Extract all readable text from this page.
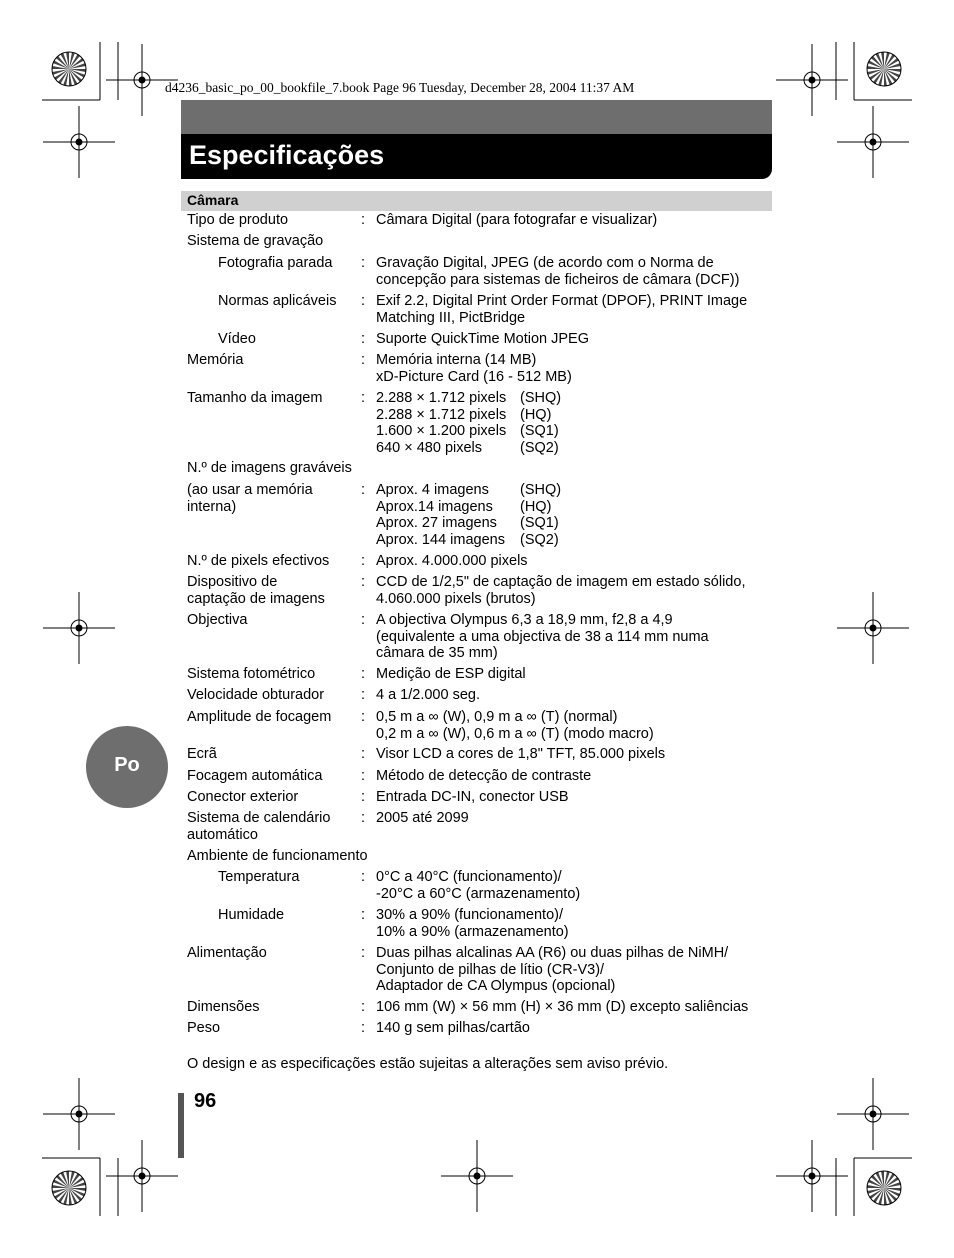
d4236_basic_po_00_bookfile_7.book Page 96 Tuesday, December 28, 2004 11:37 AM
Especificações
Câmara
Tipo de produto	: Câmara Digital (para fotografar e visualizar)
Sistema de gravação
Fotografia parada : Gravação Digital, JPEG (de acordo com o Norma de
concepção para sistemas de ficheiros de câmara (DCF))
Normas aplicáveis : Exif 2.2, Digital Print Order Format (DPOF), PRINT Image
Matching III, PictBridge
Vídeo	: Suporte QuickTime Motion JPEG
Memória	: Memória interna (14 MB)
xD-Picture Card (16 - 512 MB)
Tamanho da imagem	: 2.288 × 1.712 pixels (SHQ)
2.288 × 1.712 pixels (HQ)
1.600 × 1.200 pixels (SQ1)
640 × 480 pixels	(SQ2)
N.º de imagens graváveis
(ao usar a memória
interna)
: Aprox. 4 imagens (SHQ)
Aprox.14 imagens (HQ)
Aprox. 27 imagens (SQ1)
Aprox. 144 imagens (SQ2)
N.º de pixels efectivos : Aprox. 4.000.000 pixels
Dispositivo de
captação de imagens
: CCD de 1/2,5" de captação de imagem em estado sólido,
4.060.000 pixels (brutos)
Objectiva	: A objectiva Olympus 6,3 a 18,9 mm, f2,8 a 4,9
(equivalente a uma objectiva de 38 a 114 mm numa
câmara de 35 mm)
Sistema fotométrico	: Medição de ESP digital
Velocidade obturador	: 4 a 1/2.000 seg.
Amplitude de focagem : 0,5 m a ∞ (W), 0,9 m a ∞ (T) (normal)
0,2 m a ∞ (W), 0,6 m a ∞ (T) (modo macro)
Ecrã	: Visor LCD a cores de 1,8" TFT, 85.000 pixels
Focagem automática	: Método de detecção de contraste
Conector exterior	: Entrada DC-IN, conector USB
Sistema de calendário
automático
: 2005 até 2099
Ambiente de funcionamento
Temperatura	: 0°C a 40°C (funcionamento)/
-20°C a 60°C (armazenamento)
Humidade	: 30% a 90% (funcionamento)/
10% a 90% (armazenamento)
Alimentação	: Duas pilhas alcalinas AA (R6) ou duas pilhas de NiMH/
Conjunto de pilhas de lítio (CR-V3)/
Adaptador de CA Olympus (opcional)
Dimensões	: 106 mm (W) × 56 mm (H) × 36 mm (D) excepto saliências
Peso	: 140 g sem pilhas/cartão
O design e as especificações estão sujeitas a alterações sem aviso prévio.
96
Po
